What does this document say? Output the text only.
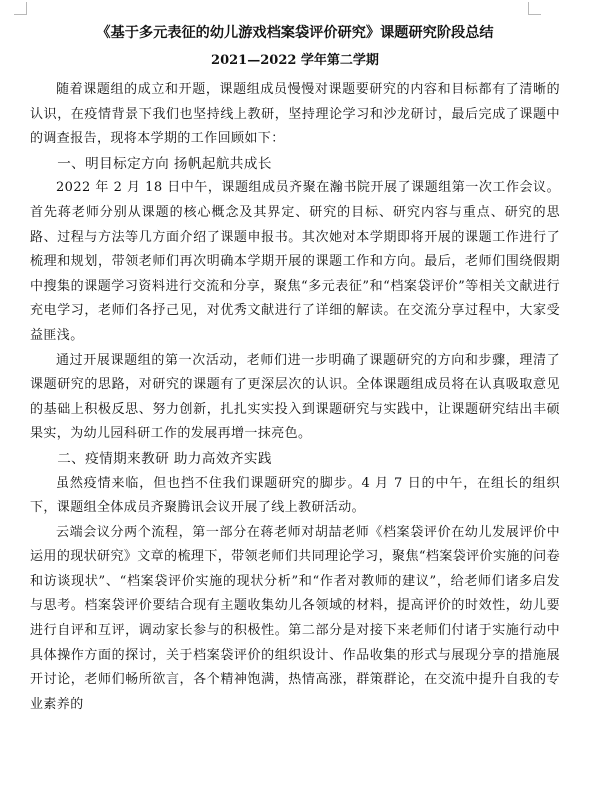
《基于多元表征的幼儿游戏档案袋评价研究》课题研究阶段总结
2021—2022 学年第二学期

随着课题组的成立和开题，课题组成员慢慢对课题要研究的内容和目标都有了清晰的认识，在疫情背景下我们也坚持线上教研，坚持理论学习和沙龙研讨，最后完成了课题中的调查报告，现将本学期的工作回顾如下：

一、明目标定方向 扬帆起航共成长

2022 年 2 月 18 日中午，课题组成员齐聚在瀚书院开展了课题组第一次工作会议。首先蒋老师分别从课题的核心概念及其界定、研究的目标、研究内容与重点、研究的思路、过程与方法等几方面介绍了课题申报书。其次她对本学期即将开展的课题工作进行了梳理和规划，带领老师们再次明确本学期开展的课题工作和方向。最后，老师们围绕假期中搜集的课题学习资料进行交流和分享，聚焦“多元表征”和“档案袋评价”等相关文献进行充电学习，老师们各抒己见，对优秀文献进行了详细的解读。在交流分享过程中，大家受益匪浅。

通过开展课题组的第一次活动，老师们进一步明确了课题研究的方向和步骤，理清了课题研究的思路，对研究的课题有了更深层次的认识。全体课题组成员将在认真吸取意见的基础上积极反思、努力创新，扎扎实实投入到课题研究与实践中，让课题研究结出丰硕果实，为幼儿园科研工作的发展再增一抹亮色。

二、疫情期来教研 助力高效齐实践

虽然疫情来临，但也挡不住我们课题研究的脚步。4 月 7 日的中午，在组长的组织下，课题组全体成员齐聚腾讯会议开展了线上教研活动。

云端会议分两个流程，第一部分在蒋老师对胡喆老师《档案袋评价在幼儿发展评价中运用的现状研究》文章的梳理下，带领老师们共同理论学习，聚焦“档案袋评价实施的问卷和访谈现状”、“档案袋评价实施的现状分析”和“作者对教师的建议”，给老师们诸多启发与思考。档案袋评价要结合现有主题收集幼儿各领域的材料，提高评价的时效性，幼儿要进行自评和互评，调动家长参与的积极性。第二部分是对接下来老师们付诸于实施行动中具体操作方面的探讨，关于档案袋评价的组织设计、作品收集的形式与展现分享的措施展开讨论，老师们畅所欲言，各个精神饱满，热情高涨，群策群论，在交流中提升自我的专业素养的
